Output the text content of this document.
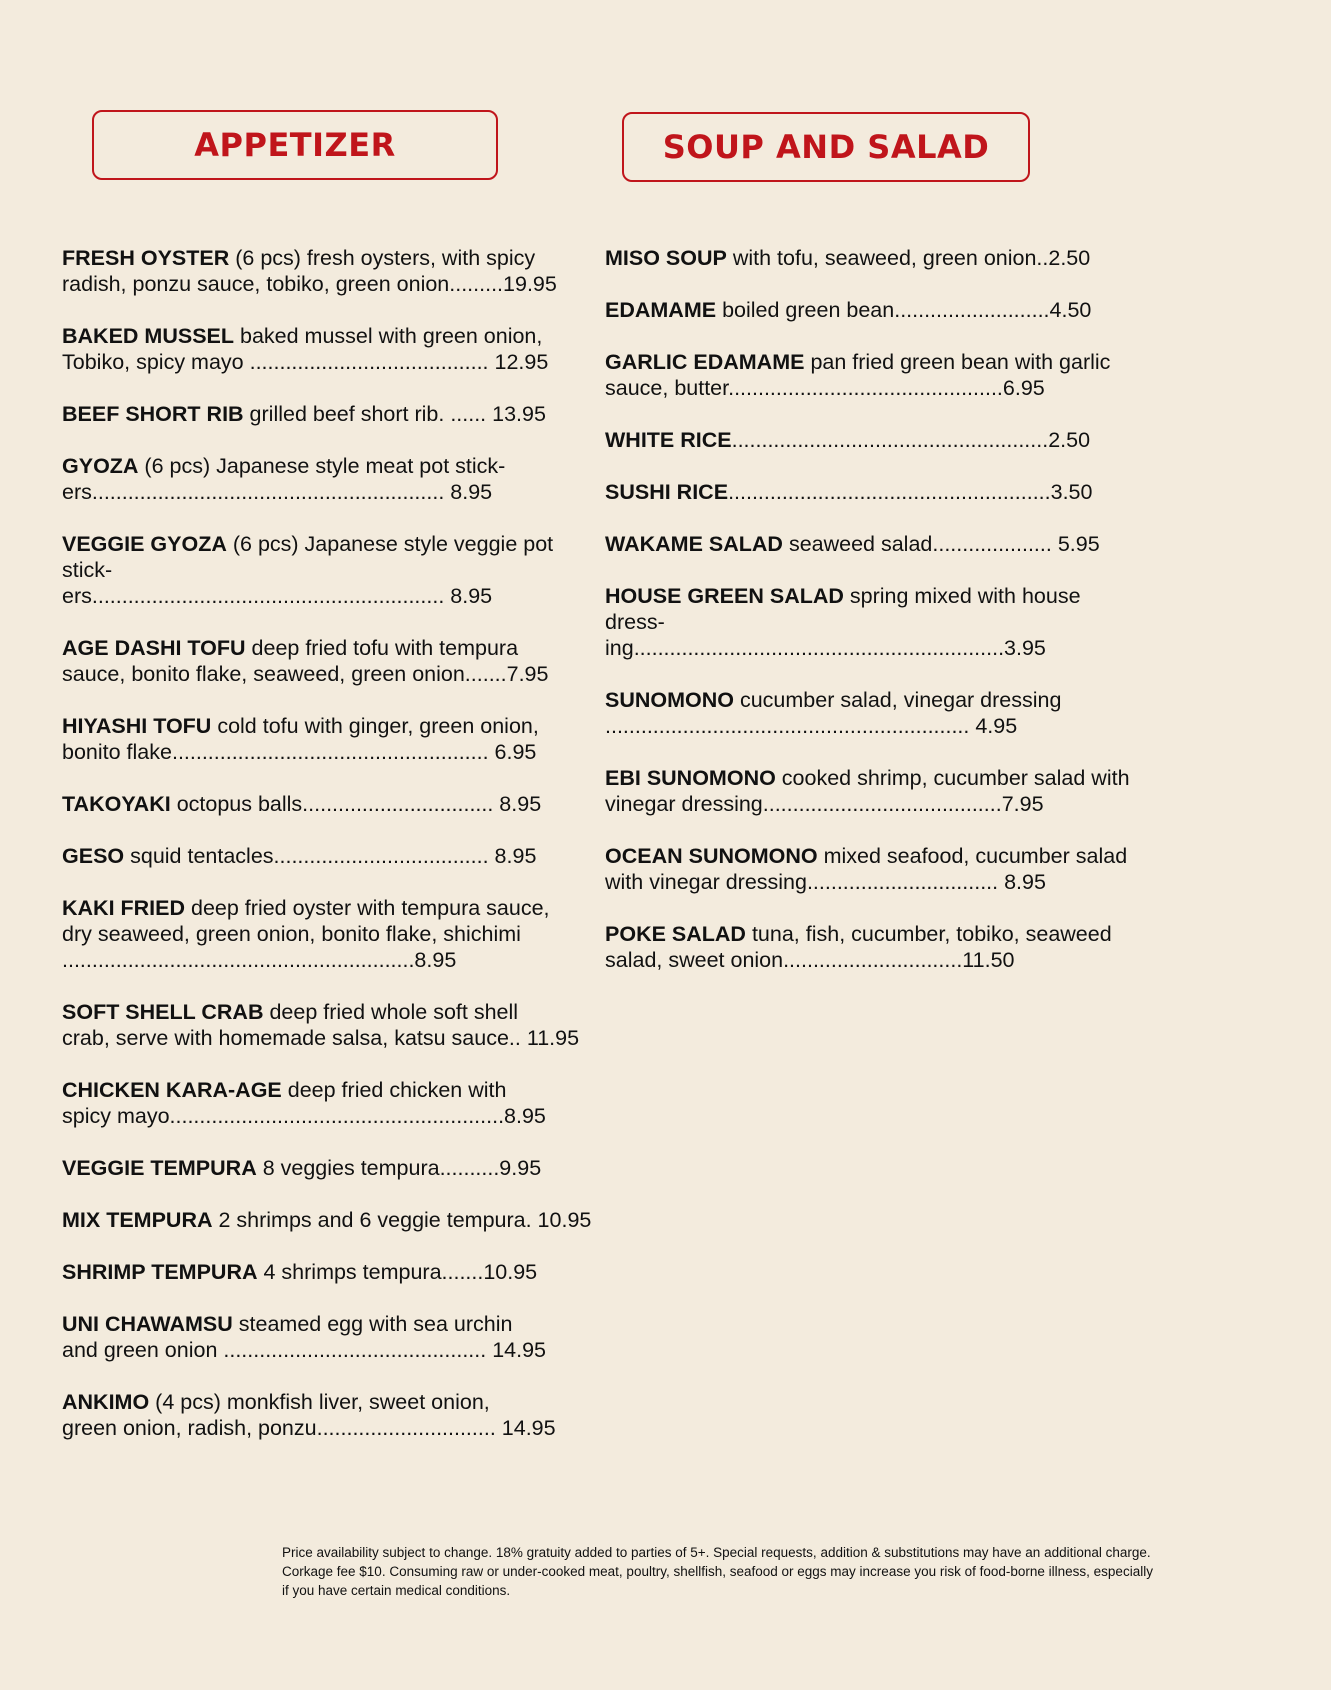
APPETIZER	SOUP AND SALAD
FRESH OYSTER (6 pcs) fresh oysters, with spicy
radish, ponzu sauce, tobiko, green onion.........19.95
BAKED MUSSEL baked mussel with green onion,
Tobiko, spicy mayo ........................................ 12.95
BEEF SHORT RIB grilled beef short rib. ...... 13.95
GYOZA (6 pcs) Japanese style meat pot stick-
ers........................................................... 8.95
VEGGIE GYOZA (6 pcs) Japanese style veggie pot stick-
ers........................................................... 8.95
AGE DASHI TOFU deep fried tofu with tempura
sauce, bonito flake, seaweed, green onion.......7.95
HIYASHI TOFU cold tofu with ginger, green onion,
bonito flake..................................................... 6.95
TAKOYAKI octopus balls................................ 8.95
GESO squid tentacles.................................... 8.95
KAKI FRIED deep fried oyster with tempura sauce,
dry seaweed, green onion, bonito flake, shichimi
...........................................................8.95
SOFT SHELL CRAB deep fried whole soft shell
crab, serve with homemade salsa, katsu sauce.. 11.95
CHICKEN KARA-AGE deep fried chicken with
spicy mayo........................................................8.95
VEGGIE TEMPURA 8 veggies tempura..........9.95
MIX TEMPURA 2 shrimps and 6 veggie tempura. 10.95
SHRIMP TEMPURA 4 shrimps tempura.......10.95
UNI CHAWAMSU steamed egg with sea urchin
and green onion ............................................ 14.95
ANKIMO (4 pcs) monkfish liver, sweet onion,
green onion, radish, ponzu.............................. 14.95
MISO SOUP with tofu, seaweed, green onion..2.50
EDAMAME boiled green bean..........................4.50
GARLIC EDAMAME pan fried green bean with garlic
sauce, butter..............................................6.95
WHITE RICE.....................................................2.50
SUSHI RICE......................................................3.50
WAKAME SALAD seaweed salad.................... 5.95
HOUSE GREEN SALAD spring mixed with house dress-
ing..............................................................3.95
SUNOMONO cucumber salad, vinegar dressing
............................................................. 4.95
EBI SUNOMONO cooked shrimp, cucumber salad with
vinegar dressing........................................7.95
OCEAN SUNOMONO mixed seafood, cucumber salad
with vinegar dressing................................ 8.95
POKE SALAD tuna, fish, cucumber, tobiko, seaweed
salad, sweet onion..............................11.50
Price availability subject to change. 18% gratuity added to parties of 5+. Special requests, addition & substitutions may have an additional charge. Corkage fee $10. Consuming raw or under-cooked meat, poultry, shellfish, seafood or eggs may increase you risk of food-borne illness, especially if you have certain medical conditions.
